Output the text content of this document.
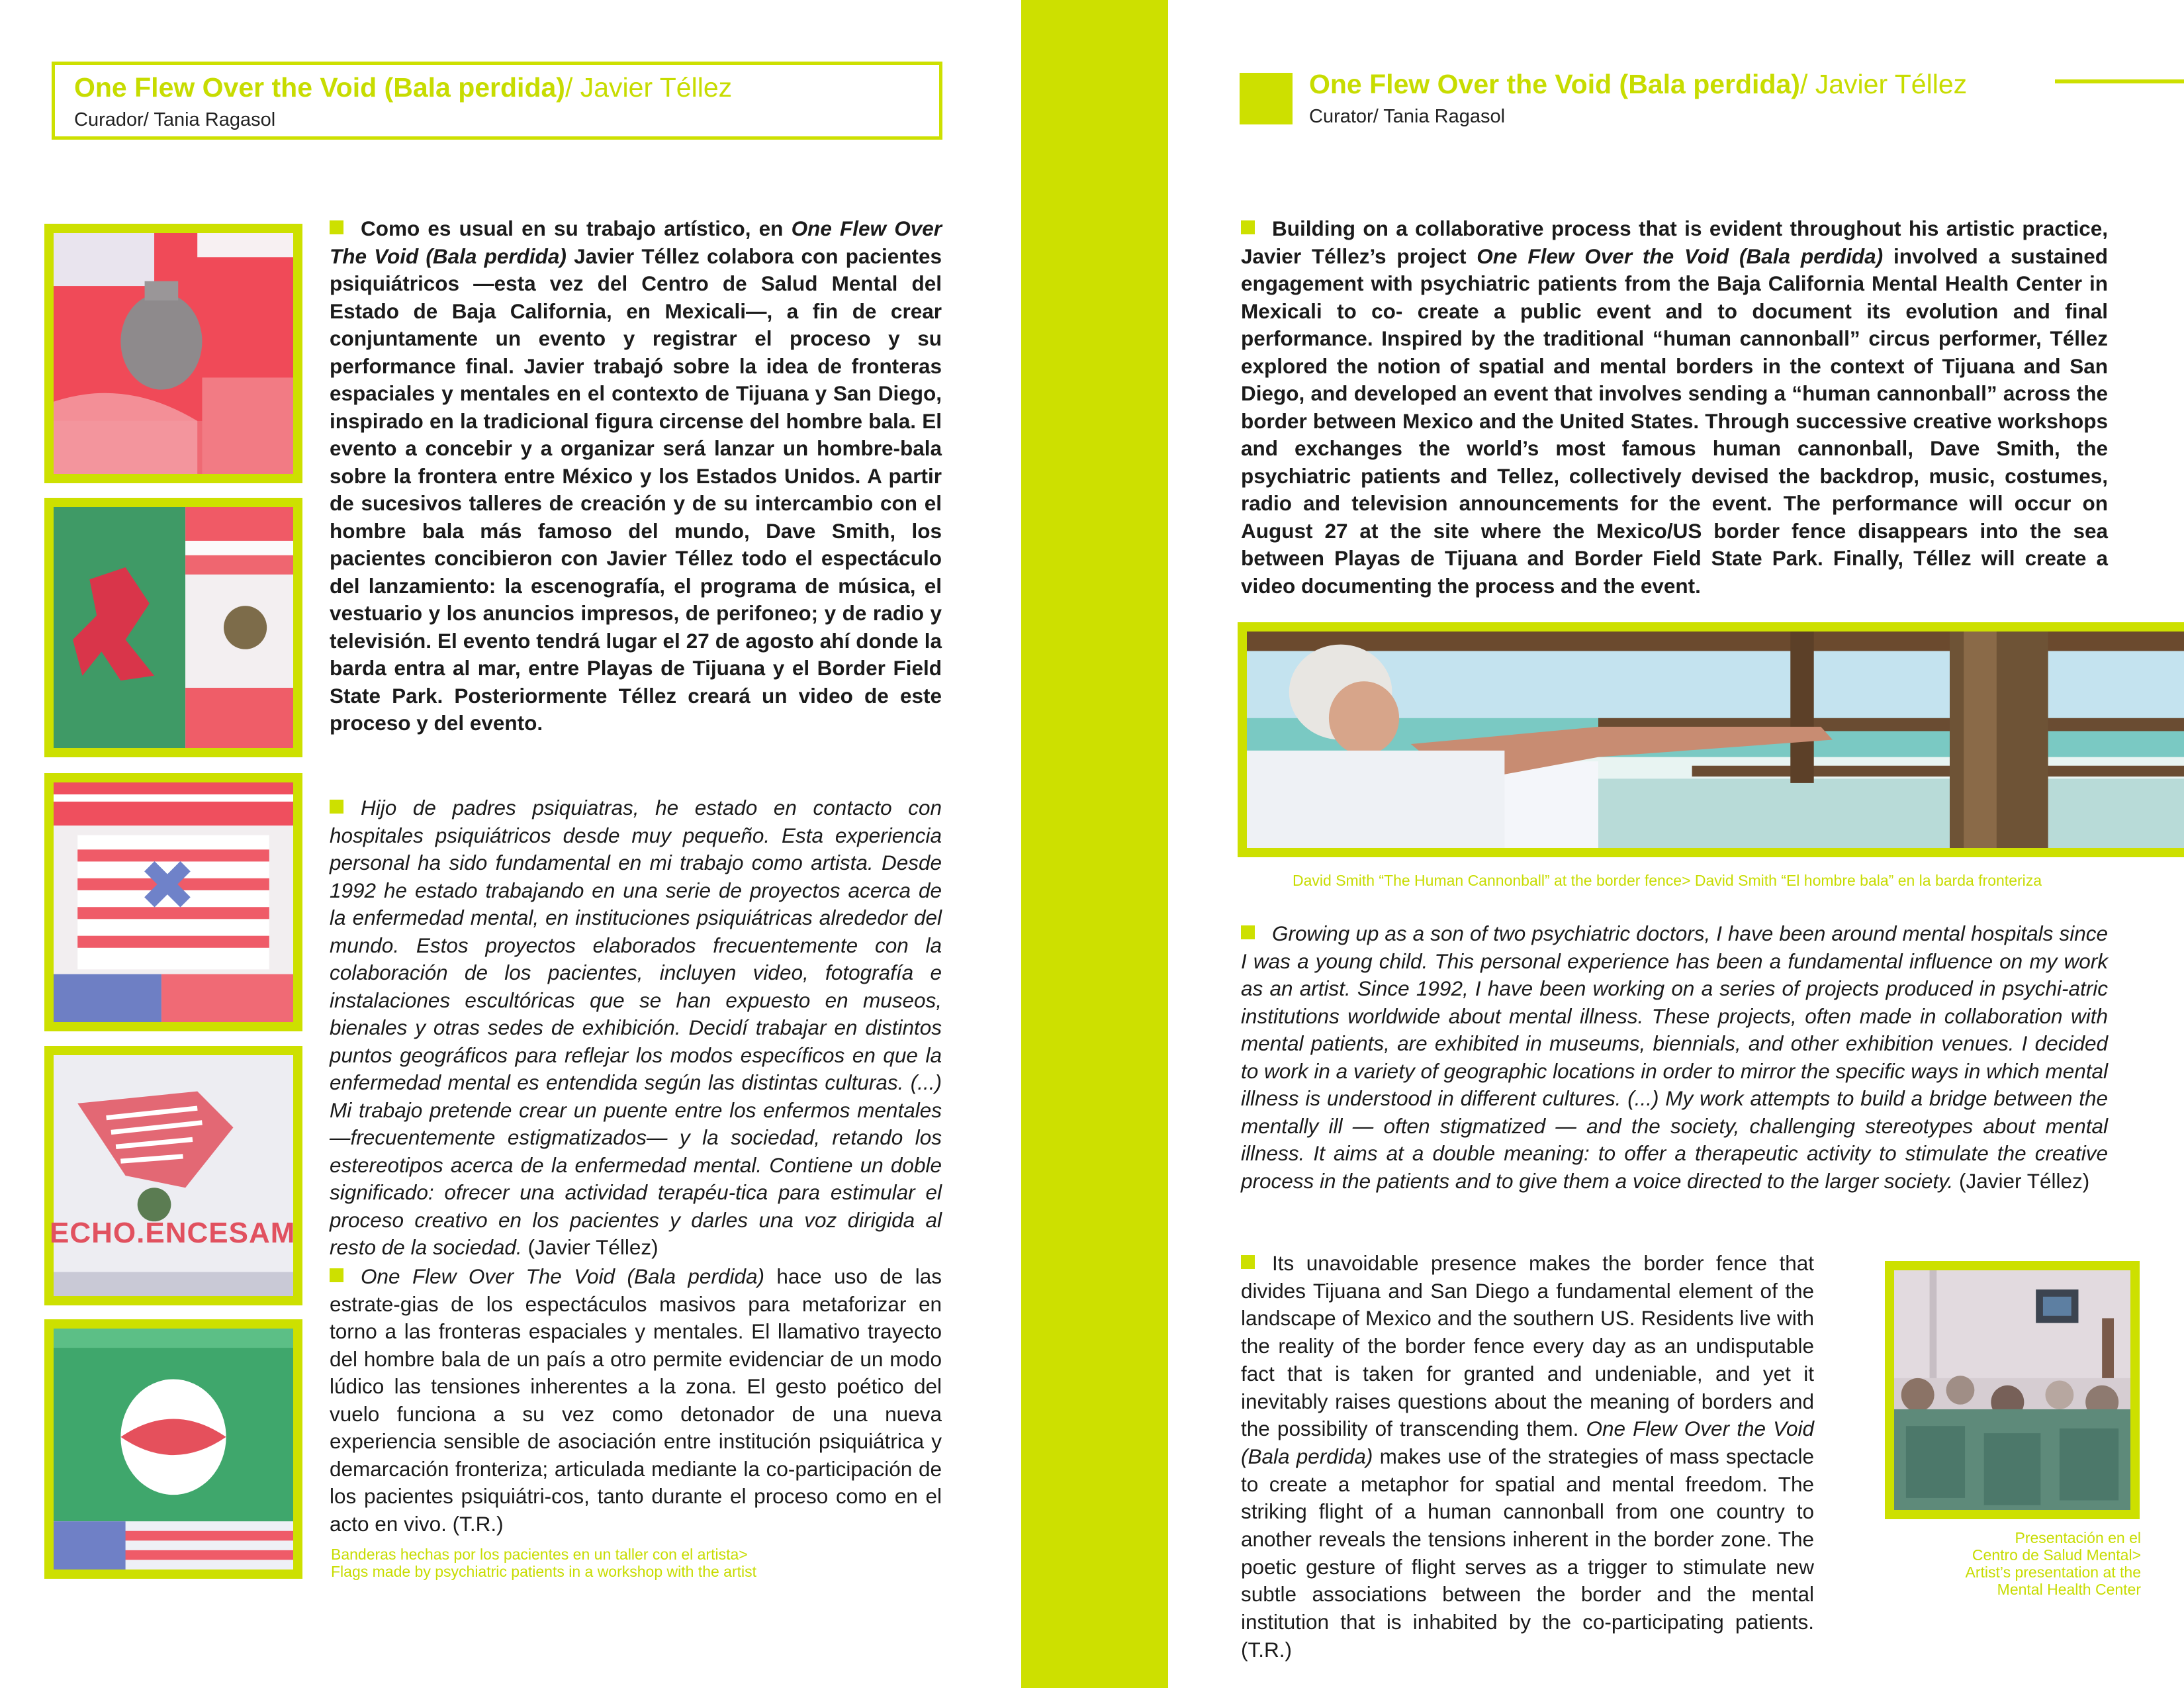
One Flew Over the Void (Bala perdida)/ Javier Téllez
Curador/ Tania Ragasol
ECHO.ENCESAM
Banderas hechas por los pacientes en un taller con el artista>
Flags made by psychiatric patients in a workshop with the artist
Como es usual en su trabajo artístico, en One Flew Over The Void (Bala perdida) Javier Téllez colabora con pacientes psiquiátricos —esta vez del Centro de Salud Mental del Estado de Baja California, en Mexicali—, a fin de crear conjuntamente un evento y registrar el proceso y su performance final. Javier trabajó sobre la idea de fronteras espaciales y mentales en el contexto de Tijuana y San Diego, inspirado en la tradicional figura circense del hombre bala. El evento a concebir y a organizar será lanzar un hombre-bala sobre la frontera entre México y los Estados Unidos. A partir de sucesivos talleres de creación y de su intercambio con el hombre bala más famoso del mundo, Dave Smith, los pacientes concibieron con Javier Téllez todo el espectáculo del lanzamiento: la escenografía, el programa de música, el vestuario y los anuncios impresos, de perifoneo; y de radio y televisión. El evento tendrá lugar el 27 de agosto ahí donde la barda entra al mar, entre Playas de Tijuana y el Border Field State Park. Posteriormente Téllez creará un video de este proceso y del evento.
Hijo de padres psiquiatras, he estado en contacto con hospitales psiquiátricos desde muy pequeño. Esta experiencia personal ha sido fundamental en mi trabajo como artista. Desde 1992 he estado trabajando en una serie de proyectos acerca de la enfermedad mental, en instituciones psiquiátricas alrededor del mundo. Estos proyectos elaborados frecuentemente con la colaboración de los pacientes, incluyen video, fotografía e instalaciones escultóricas que se han expuesto en museos, bienales y otras sedes de exhibición. Decidí trabajar en distintos puntos geográficos para reflejar los modos específicos en que la enfermedad mental es entendida según las distintas culturas. (...) Mi trabajo pretende crear un puente entre los enfermos mentales —frecuentemente estigmatizados— y la sociedad, retando los estereotipos acerca de la enfermedad mental. Contiene un doble significado: ofrecer una actividad terapéu-tica para estimular el proceso creativo en los pacientes y darles una voz dirigida al resto de la sociedad. (Javier Téllez)
One Flew Over The Void (Bala perdida) hace uso de las estrate-gias de los espectáculos masivos para metaforizar en torno a las fronteras espaciales y mentales. El llamativo trayecto del hombre bala de un país a otro permite evidenciar de un modo lúdico las tensiones inherentes a la zona. El gesto poético del vuelo funciona a su vez como detonador de una nueva experiencia sensible de asociación entre institución psiquiátrica y demarcación fronteriza; articulada mediante la co-participación de los pacientes psiquiátri-cos, tanto durante el proceso como en el acto en vivo. (T.R.)
One Flew Over the Void (Bala perdida)/ Javier Téllez
Curator/ Tania Ragasol
Building on a collaborative process that is evident throughout his artistic practice, Javier Téllez’s project One Flew Over the Void (Bala perdida) involved a sustained engagement with psychiatric patients from the Baja California Mental Health Center in Mexicali to co- create a public event and to document its evolution and final performance. Inspired by the traditional “human cannonball” circus performer, Téllez explored the notion of spatial and mental borders in the context of Tijuana and San Diego, and developed an event that involves sending a “human cannonball” across the border between Mexico and the United States. Through successive creative workshops and exchanges the world’s most famous human cannonball, Dave Smith, the psychiatric patients and Tellez, collectively devised the backdrop, music, costumes, radio and television announcements for the event. The performance will occur on August 27 at the site where the Mexico/US border fence disappears into the sea between Playas de Tijuana and Border Field State Park. Finally, Téllez will create a video documenting the process and the event.
David Smith “The Human Cannonball” at the border fence> David Smith “El hombre bala” en la barda fronteriza
Growing up as a son of two psychiatric doctors, I have been around mental hospitals since I was a young child. This personal experience has been a fundamental influence on my work as an artist. Since 1992, I have been working on a series of projects produced in psychi-atric institutions worldwide about mental illness. These projects, often made in collaboration with mental patients, are exhibited in museums, biennials, and other exhibition venues. I decided to work in a variety of geographic locations in order to mirror the specific ways in which mental illness is understood in different cultures. (...) My work attempts to build a bridge between the mentally ill — often stigmatized — and the society, challenging stereotypes about mental illness. It aims at a double meaning: to offer a therapeutic activity to stimulate the creative process in the patients and to give them a voice directed to the larger society. (Javier Téllez)
Its unavoidable presence makes the border fence that divides Tijuana and San Diego a fundamental element of the landscape of Mexico and the southern US. Residents live with the reality of the border fence every day as an undisputable fact that is taken for granted and undeniable, and yet it inevitably raises questions about the meaning of borders and the possibility of transcending them. One Flew Over the Void (Bala perdida) makes use of the strategies of mass spectacle to create a metaphor for spatial and mental freedom. The striking flight of a human cannonball from one country to another reveals the tensions inherent in the border zone. The poetic gesture of flight serves as a trigger to stimulate new subtle associations between the border and the mental institution that is inhabited by the co-participating patients. (T.R.)
Presentación en el
Centro de Salud Mental>
Artist’s presentation at the
Mental Health Center
